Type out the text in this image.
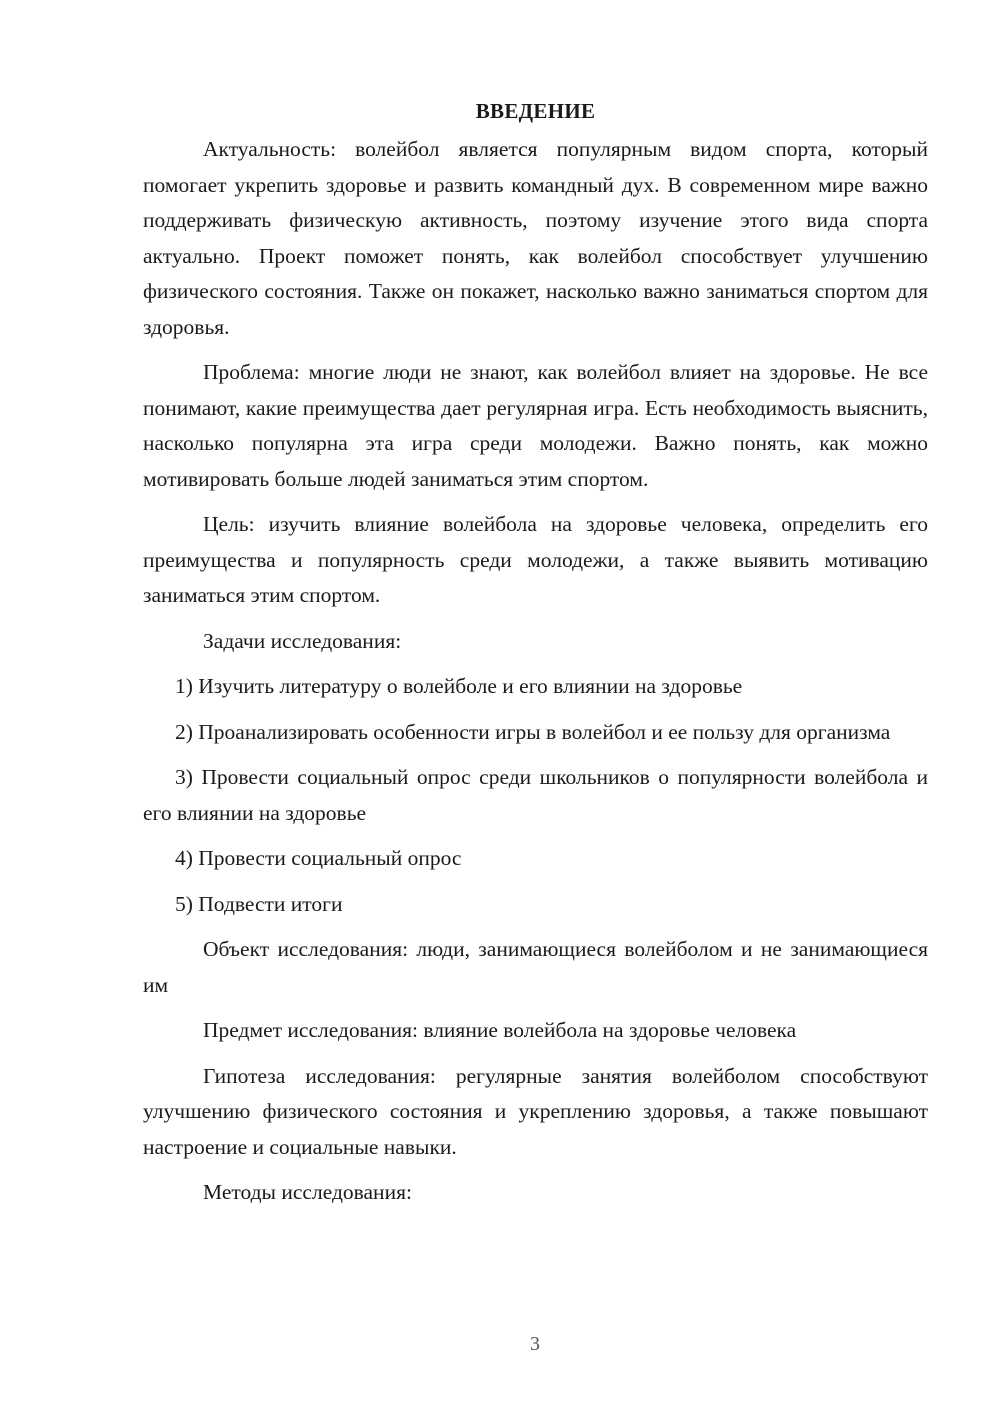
ВВЕДЕНИЕ

Актуальность: волейбол является популярным видом спорта, который помогает укрепить здоровье и развить командный дух. В современном мире важно поддерживать физическую активность, поэтому изучение этого вида спорта актуально. Проект поможет понять, как волейбол способствует улучшению физического состояния. Также он покажет, насколько важно заниматься спортом для здоровья.

Проблема: многие люди не знают, как волейбол влияет на здоровье. Не все понимают, какие преимущества дает регулярная игра. Есть необходимость выяснить, насколько популярна эта игра среди молодежи. Важно понять, как можно мотивировать больше людей заниматься этим спортом.

Цель: изучить влияние волейбола на здоровье человека, определить его преимущества и популярность среди молодежи, а также выявить мотивацию заниматься этим спортом.

Задачи исследования:

1) Изучить литературу о волейболе и его влиянии на здоровье

2) Проанализировать особенности игры в волейбол и ее пользу для организма

3) Провести социальный опрос среди школьников о популярности волейбола и его влиянии на здоровье

4) Провести социальный опрос

5) Подвести итоги

Объект исследования: люди, занимающиеся волейболом и не занимающиеся им

Предмет исследования: влияние волейбола на здоровье человека

Гипотеза исследования: регулярные занятия волейболом способствуют улучшению физического состояния и укреплению здоровья, а также повышают настроение и социальные навыки.

Методы исследования:

3
